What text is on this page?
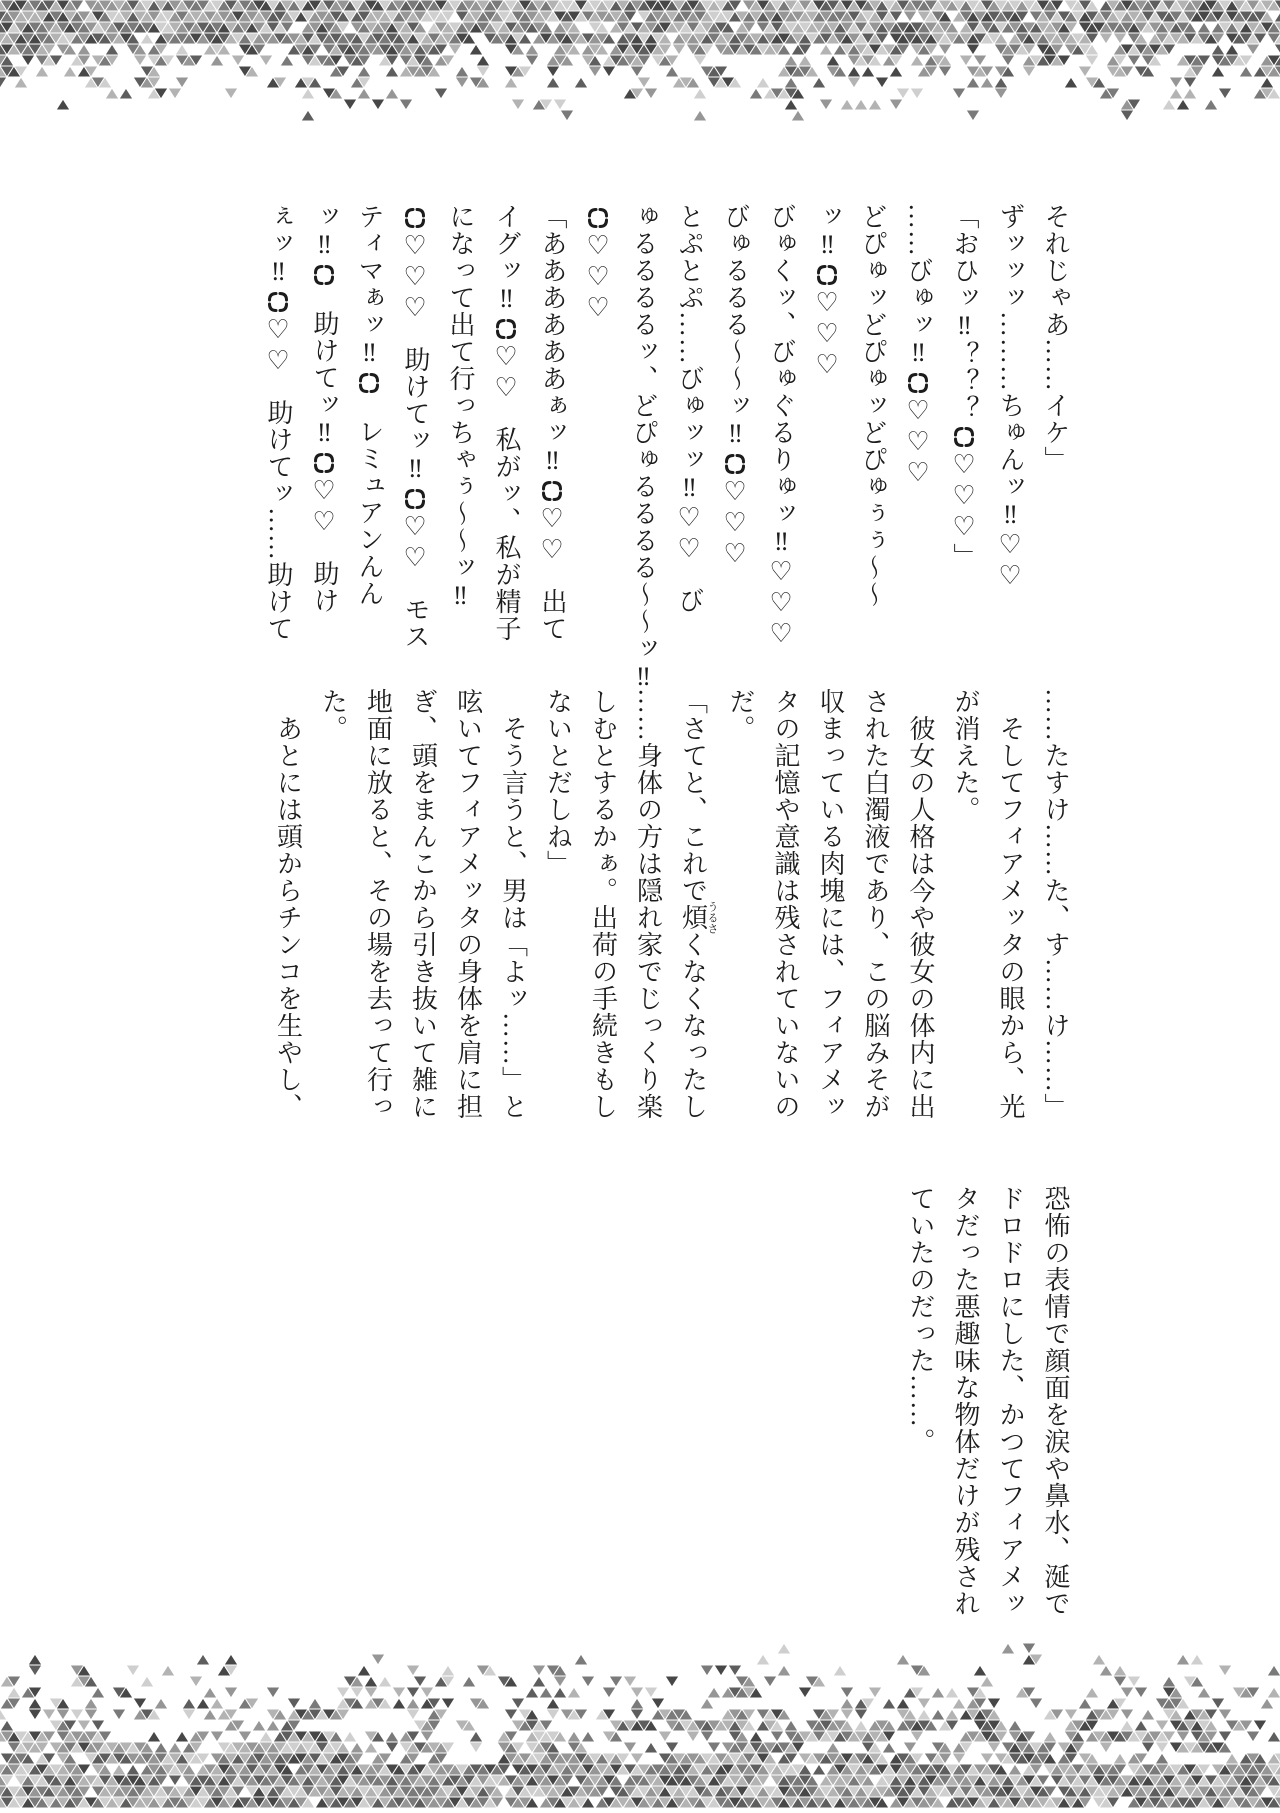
それじゃあ……イケ」

ずッッッ………ちゅんッ‼♡♡

「おひッ‼？？？♡♡♡」

……びゅッ‼♡♡♡

どぴゅッどぴゅッどぴゅぅぅ〜〜

ッ‼♡♡♡

びゅくッ、びゅぐるりゅッ‼♡♡♡

びゅるるる〜〜ッ‼♡♡♡

とぷとぷ……びゅッッ‼♡♡び

ゅるるるるッ、どぴゅるるるる〜〜ッ‼

♡♡♡

「ああああああぁッ‼♡♡出て

イグッ‼♡♡私がッ、私が精子

になって出て行っちゃぅ〜〜ッ‼

♡♡♡助けてッ‼♡♡モス

ティマぁッ‼レミュアンんん

ッ‼助けてッ‼♡♡助け

ぇッ‼♡♡助けてッ……助けて

……たすけ……た、す……け……」

そしてフィアメッタの眼から、光

が消えた。

彼女の人格は今や彼女の体内に出

された白濁液であり、この脳みそが

収まっている肉塊には、フィアメッ

タの記憶や意識は残されていないの

だ。

「さてと、これで煩うるさくなくなったし

……身体の方は隠れ家でじっくり楽

しむとするかぁ。出荷の手続きもし

ないとだしね」

そう言うと、男は「よッ……」と

呟いてフィアメッタの身体を肩に担

ぎ、頭をまんこから引き抜いて雑に

地面に放ると、その場を去って行っ

た。

あとには頭からチンコを生やし、

恐怖の表情で顔面を涙や鼻水、涎で

ドロドロにした、かつてフィアメッ

タだった悪趣味な物体だけが残され

ていたのだった……。
